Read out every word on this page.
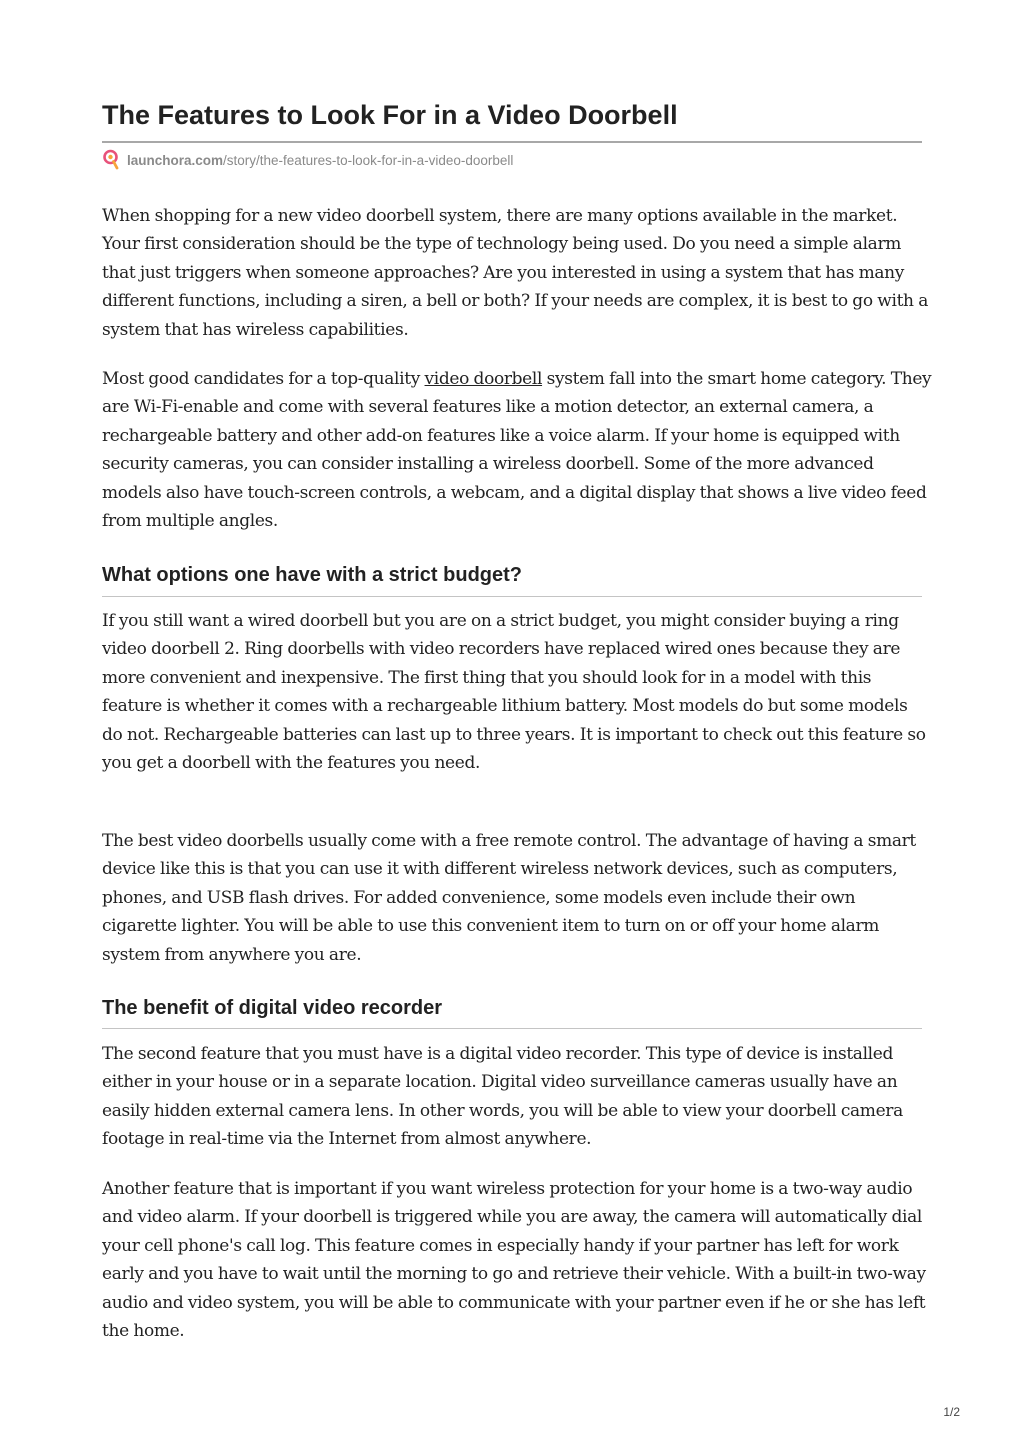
The Features to Look For in a Video Doorbell
launchora.com /story/the-features-to-look-for-in-a-video-doorbell

When shopping for a new video doorbell system, there are many options available in the market. Your first consideration should be the type of technology being used. Do you need a simple alarm that just triggers when someone approaches? Are you interested in using a system that has many different functions, including a siren, a bell or both? If your needs are complex, it is best to go with a system that has wireless capabilities.

Most good candidates for a top-quality video doorbell system fall into the smart home category. They are Wi-Fi-enable and come with several features like a motion detector, an external camera, a rechargeable battery and other add-on features like a voice alarm. If your home is equipped with security cameras, you can consider installing a wireless doorbell. Some of the more advanced models also have touch-screen controls, a webcam, and a digital display that shows a live video feed from multiple angles.

What options one have with a strict budget?

If you still want a wired doorbell but you are on a strict budget, you might consider buying a ring video doorbell 2. Ring doorbells with video recorders have replaced wired ones because they are more convenient and inexpensive. The first thing that you should look for in a model with this feature is whether it comes with a rechargeable lithium battery. Most models do but some models do not. Rechargeable batteries can last up to three years. It is important to check out this feature so you get a doorbell with the features you need.

The best video doorbells usually come with a free remote control. The advantage of having a smart device like this is that you can use it with different wireless network devices, such as computers, phones, and USB flash drives. For added convenience, some models even include their own cigarette lighter. You will be able to use this convenient item to turn on or off your home alarm system from anywhere you are.

The benefit of digital video recorder

The second feature that you must have is a digital video recorder. This type of device is installed either in your house or in a separate location. Digital video surveillance cameras usually have an easily hidden external camera lens. In other words, you will be able to view your doorbell camera footage in real-time via the Internet from almost anywhere.

Another feature that is important if you want wireless protection for your home is a two-way audio and video alarm. If your doorbell is triggered while you are away, the camera will automatically dial your cell phone's call log. This feature comes in especially handy if your partner has left for work early and you have to wait until the morning to go and retrieve their vehicle. With a built-in two-way audio and video system, you will be able to communicate with your partner even if he or she has left the home.

1/2
